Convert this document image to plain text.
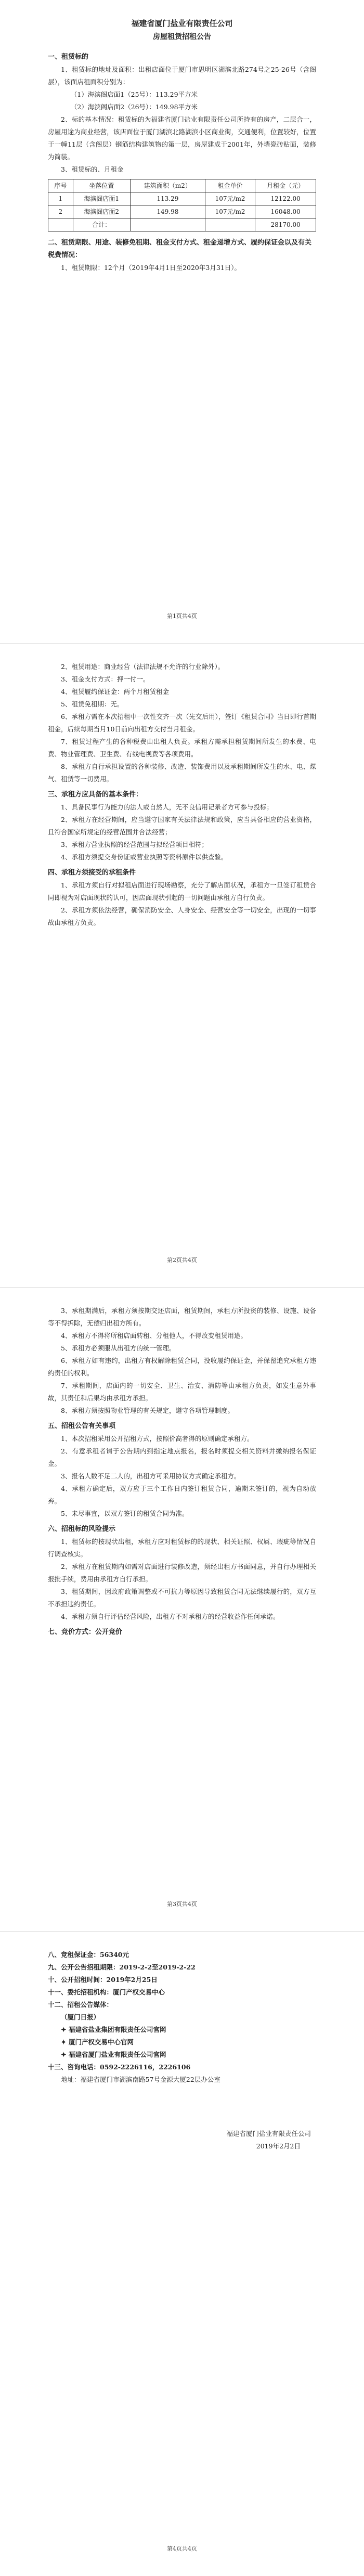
福建省厦门盐业有限责任公司
房屋租赁招租公告
一、租赁标的
1、租赁标的地址及面积：出租店面位于厦门市思明区湖滨北路274号之25-26号（含阁层），该面店租面积分别为：
（1）海滨阁店面1（25号）：113.29平方米
（2）海滨阁店面2（26号）：149.98平方米
2、标的基本情况：租赁标的为福建省厦门盐业有限责任公司所持有的房产，二层合一，房屋用途为商业经营，该店面位于厦门湖滨北路湖滨小区商业街，交通便利，位置较好，位置于一幢11层（含阁层）钢筋结构建筑物的第一层，房屋建成于2001年，外墙瓷砖贴面，装修为简装。
3、租赁标的、月租金
序号	坐落位置	建筑面积（m2）	租金单价	月租金（元）
1	海滨阁店面1	113.29	107元/m2	12122.00
2	海滨阁店面2	149.98	107元/m2	16048.00
	合计：			28170.00
二、租赁期限、用途、装修免租期、租金支付方式、租金递增方式、履约保证金以及有关税费情况：
1、租赁期限：12个月（2019年4月1日至2020年3月31日）。
第1页共4页
2、租赁用途：商业经营（法律法规不允许的行业除外）。
3、租金支付方式：押一付一。
4、租赁履约保证金：两个月租赁租金
5、租赁免租期：无。
6、承租方需在本次招租中一次性交齐一次（先交后用），签订《租赁合同》当日即行首期租金，后续每期当月10日前向出租方交付当月租金。
7、租赁过程产生的各种税费由出租人负责。承租方需承担租赁期间所发生的水费、电费、物业管理费、卫生费、有线电视费等各项费用。
8、承租方自行承担设置的各种装修、改造、装饰费用以及承租期间所发生的水、电、煤气、租赁等一切费用。
三、承租方应具备的基本条件：
1、具备民事行为能力的法人或自然人，无不良信用记录者方可参与投标；
2、承租方在经营期间，应当遵守国家有关法律法规和政策，应当具备相应的营业资格，且符合国家所规定的经营范围并合法经营；
3、承租方营业执照的经营范围与拟经营项目相符；
4、承租方须提交身份证或营业执照等资料原件以供查验。
四、承租方须接受的承租条件
1、承租方须自行对拟租店面进行现场勘察，充分了解店面状况，承租方一旦签订租赁合同即视为对店面现状的认可，因店面现状引起的一切问题由承租方自行负责。
2、承租方须依法经营，确保消防安全、人身安全、经营安全等一切安全，出现的一切事故由承租方负责。
第2页共4页
3、承租期满后，承租方须按期交还店面，租赁期间，承租方所投资的装修、设施、设备等不得拆除，无偿归出租方所有。
4、承租方不得将所租店面转租、分租他人，不得改变租赁用途。
5、承租方必须服从出租方的统一管理。
6、承租方如有违约，出租方有权解除租赁合同，没收履约保证金，并保留追究承租方违约责任的权利。
7、承租期间，店面内的一切安全、卫生、治安、消防等由承租方负责，如发生意外事故，其责任和后果均由承租方承担。
8、承租方须按照物业管理的有关规定，遵守各项管理制度。
五、招租公告有关事项
1、本次招租采用公开招租方式，按照价高者得的原则确定承租方。
2、有意承租者请于公告期内到指定地点报名，报名时须提交相关资料并缴纳报名保证金。
3、报名人数不足二人的，出租方可采用协议方式确定承租方。
4、承租方确定后，双方应于三个工作日内签订租赁合同，逾期未签订的，视为自动放弃。
5、未尽事宜，以双方签订的租赁合同为准。
六、招租标的风险提示
1、租赁标的按现状出租，承租方应对租赁标的的现状、相关证照、权属、瑕疵等情况自行调查核实。
2、承租方在租赁期内如需对店面进行装修改造，须经出租方书面同意，并自行办理相关报批手续，费用由承租方自行承担。
3、租赁期间，因政府政策调整或不可抗力等原因导致租赁合同无法继续履行的，双方互不承担违约责任。
4、承租方须自行评估经营风险，出租方不对承租方的经营收益作任何承诺。
七、竞价方式：公开竞价
第3页共4页
八、竞租保证金：56340元
九、公开公告招租期限：2019-2-2至2019-2-22
十、公开招租时间：2019年2月25日
十一、委托招租机构：厦门产权交易中心
十二、招租公告媒体：
（厦门日报）
✦ 福建省盐业集团有限责任公司官网
✦ 厦门产权交易中心官网
✦ 福建省厦门盐业有限责任公司官网
十三、咨询电话：0592-2226116，2226106
地址：福建省厦门市湖滨南路57号金源大厦22层办公室
福建省厦门盐业有限责任公司
2019年2月2日
第4页共4页
